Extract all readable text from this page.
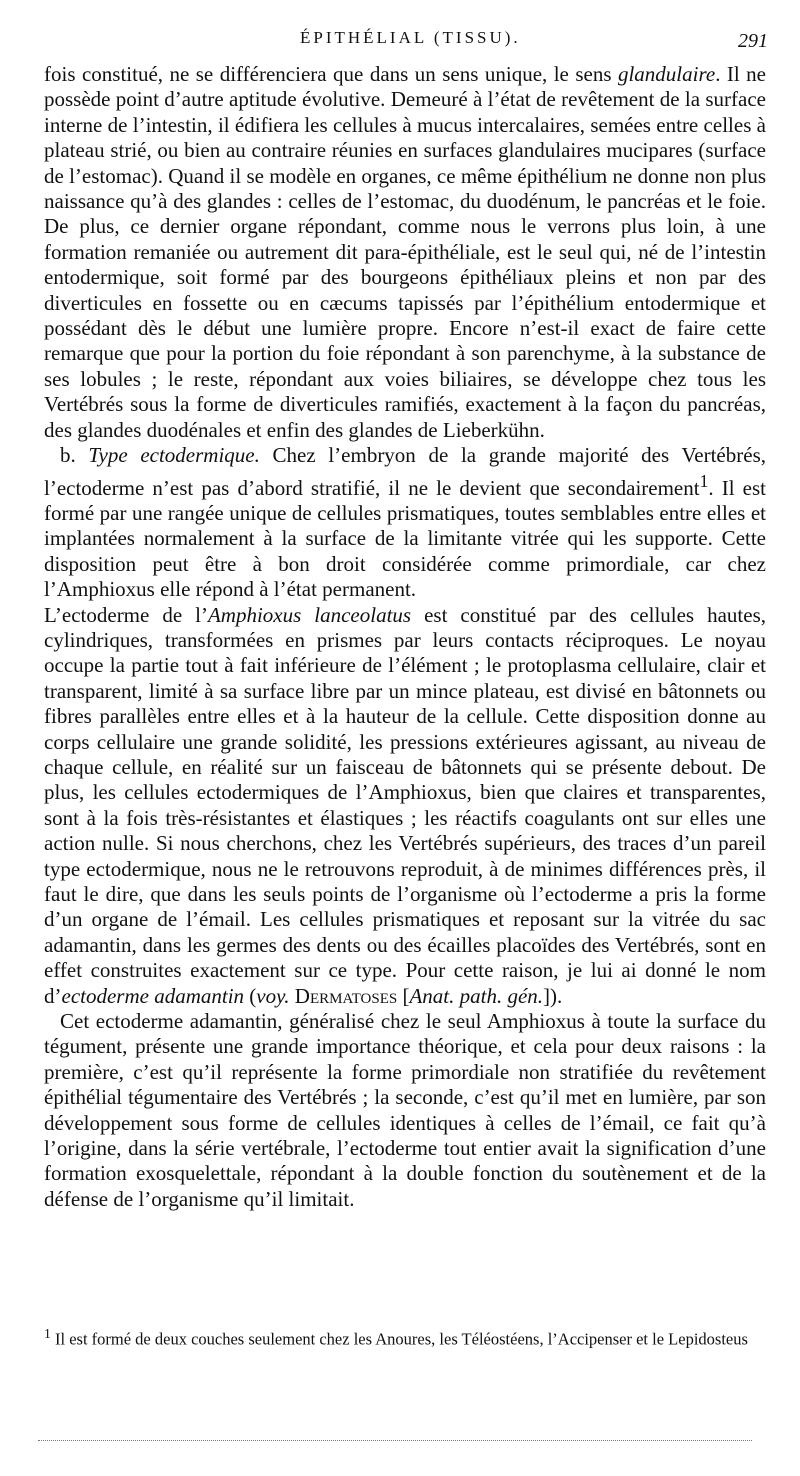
ÉPITHÉLIAL (TISSU).	291

fois constitué, ne se différenciera que dans un sens unique, le sens glandulaire. Il ne possède point d’autre aptitude évolutive. Demeuré à l’état de revêtement de la surface interne de l’intestin, il édifiera les cellules à mucus intercalaires, semées entre celles à plateau strié, ou bien au contraire réunies en surfaces glandulaires mucipares (surface de l’estomac). Quand il se modèle en organes, ce même épithélium ne donne non plus naissance qu’à des glandes : celles de l’estomac, du duodénum, le pancréas et le foie. De plus, ce dernier organe répondant, comme nous le verrons plus loin, à une formation remaniée ou autrement dit para-épithéliale, est le seul qui, né de l’intestin entodermique, soit formé par des bourgeons épithéliaux pleins et non par des diverticules en fossette ou en cæcums tapissés par l’épithélium entodermique et possédant dès le début une lumière propre. Encore n’est-il exact de faire cette remarque que pour la portion du foie répondant à son parenchyme, à la substance de ses lobules ; le reste, répondant aux voies biliaires, se développe chez tous les Vertébrés sous la forme de diverticules ramifiés, exactement à la façon du pancréas, des glandes duodénales et enfin des glandes de Lieberkühn.

b. Type ectodermique. Chez l’embryon de la grande majorité des Vertébrés, l’ectoderme n’est pas d’abord stratifié, il ne le devient que secondairement$^1$. Il est formé par une rangée unique de cellules prismatiques, toutes semblables entre elles et implantées normalement à la surface de la limitante vitrée qui les supporte. Cette disposition peut être à bon droit considérée comme primordiale, car chez l’Amphioxus elle répond à l’état permanent.

L’ectoderme de l’Amphioxus lanceolatus est constitué par des cellules hautes, cylindriques, transformées en prismes par leurs contacts réciproques. Le noyau occupe la partie tout à fait inférieure de l’élément ; le protoplasma cellulaire, clair et transparent, limité à sa surface libre par un mince plateau, est divisé en bâtonnets ou fibres parallèles entre elles et à la hauteur de la cellule. Cette disposition donne au corps cellulaire une grande solidité, les pressions extérieures agissant, au niveau de chaque cellule, en réalité sur un faisceau de bâtonnets qui se présente debout. De plus, les cellules ectodermiques de l’Amphioxus, bien que claires et transparentes, sont à la fois très-résistantes et élastiques ; les réactifs coagulants ont sur elles une action nulle. Si nous cherchons, chez les Vertébrés supérieurs, des traces d’un pareil type ectodermique, nous ne le retrouvons reproduit, à de minimes différences près, il faut le dire, que dans les seuls points de l’organisme où l’ectoderme a pris la forme d’un organe de l’émail. Les cellules prismatiques et reposant sur la vitrée du sac adamantin, dans les germes des dents ou des écailles placoïdes des Vertébrés, sont en effet construites exactement sur ce type. Pour cette raison, je lui ai donné le nom d’ectoderme adamantin (voy. Dermatoses [Anat. path. gén.]).

Cet ectoderme adamantin, généralisé chez le seul Amphioxus à toute la surface du tégument, présente une grande importance théorique, et cela pour deux raisons : la première, c’est qu’il représente la forme primordiale non stratifiée du revêtement épithélial tégumentaire des Vertébrés ; la seconde, c’est qu’il met en lumière, par son développement sous forme de cellules identiques à celles de l’émail, ce fait qu’à l’origine, dans la série vertébrale, l’ectoderme tout entier avait la signification d’une formation exosquelettale, répondant à la double fonction du soutènement et de la défense de l’organisme qu’il limitait.

$^1$ Il est formé de deux couches seulement chez les Anoures, les Téléostéens, l’Accipenser et le Lepidosteus
